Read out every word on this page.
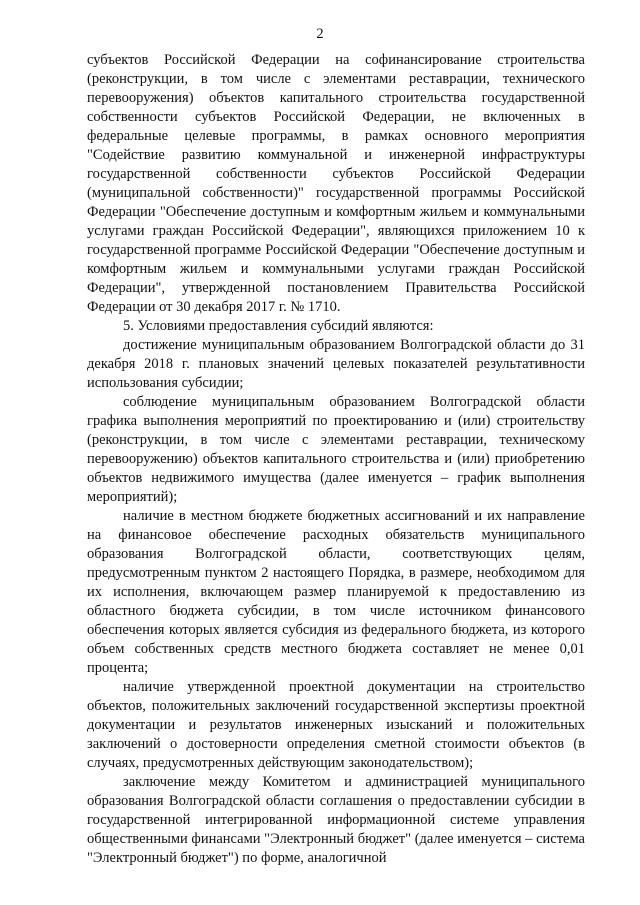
2

субъектов Российской Федерации на софинансирование строительства (реконструкции, в том числе с элементами реставрации, технического перевооружения) объектов капитального строительства государственной собственности субъектов Российской Федерации, не включенных в федеральные целевые программы, в рамках основного мероприятия "Содействие развитию коммунальной и инженерной инфраструктуры государственной собственности субъектов Российской Федерации (муниципальной собственности)" государственной программы Российской Федерации "Обеспечение доступным и комфортным жильем и коммунальными услугами граждан Российской Федерации", являющихся приложением 10 к государственной программе Российской Федерации "Обеспечение доступным и комфортным жильем и коммунальными услугами граждан Российской Федерации", утвержденной постановлением Правительства Российской Федерации от 30 декабря 2017 г. № 1710.

5. Условиями предоставления субсидий являются:

достижение муниципальным образованием Волгоградской области до 31 декабря 2018 г. плановых значений целевых показателей результативности использования субсидии;

соблюдение муниципальным образованием Волгоградской области графика выполнения мероприятий по проектированию и (или) строительству (реконструкции, в том числе с элементами реставрации, техническому перевооружению) объектов капитального строительства и (или) приобретению объектов недвижимого имущества (далее именуется – график выполнения мероприятий);

наличие в местном бюджете бюджетных ассигнований и их направление на финансовое обеспечение расходных обязательств муниципального образования Волгоградской области, соответствующих целям, предусмотренным пунктом 2 настоящего Порядка, в размере, необходимом для их исполнения, включающем размер планируемой к предоставлению из областного бюджета субсидии, в том числе источником финансового обеспечения которых является субсидия из федерального бюджета, из которого объем собственных средств местного бюджета составляет не менее 0,01 процента;

наличие утвержденной проектной документации на строительство объектов, положительных заключений государственной экспертизы проектной документации и результатов инженерных изысканий и положительных заключений о достоверности определения сметной стоимости объектов (в случаях, предусмотренных действующим законодательством);

заключение между Комитетом и администрацией муниципального образования Волгоградской области соглашения о предоставлении субсидии в государственной интегрированной информационной системе управления общественными финансами "Электронный бюджет" (далее именуется – система "Электронный бюджет") по форме, аналогичной
